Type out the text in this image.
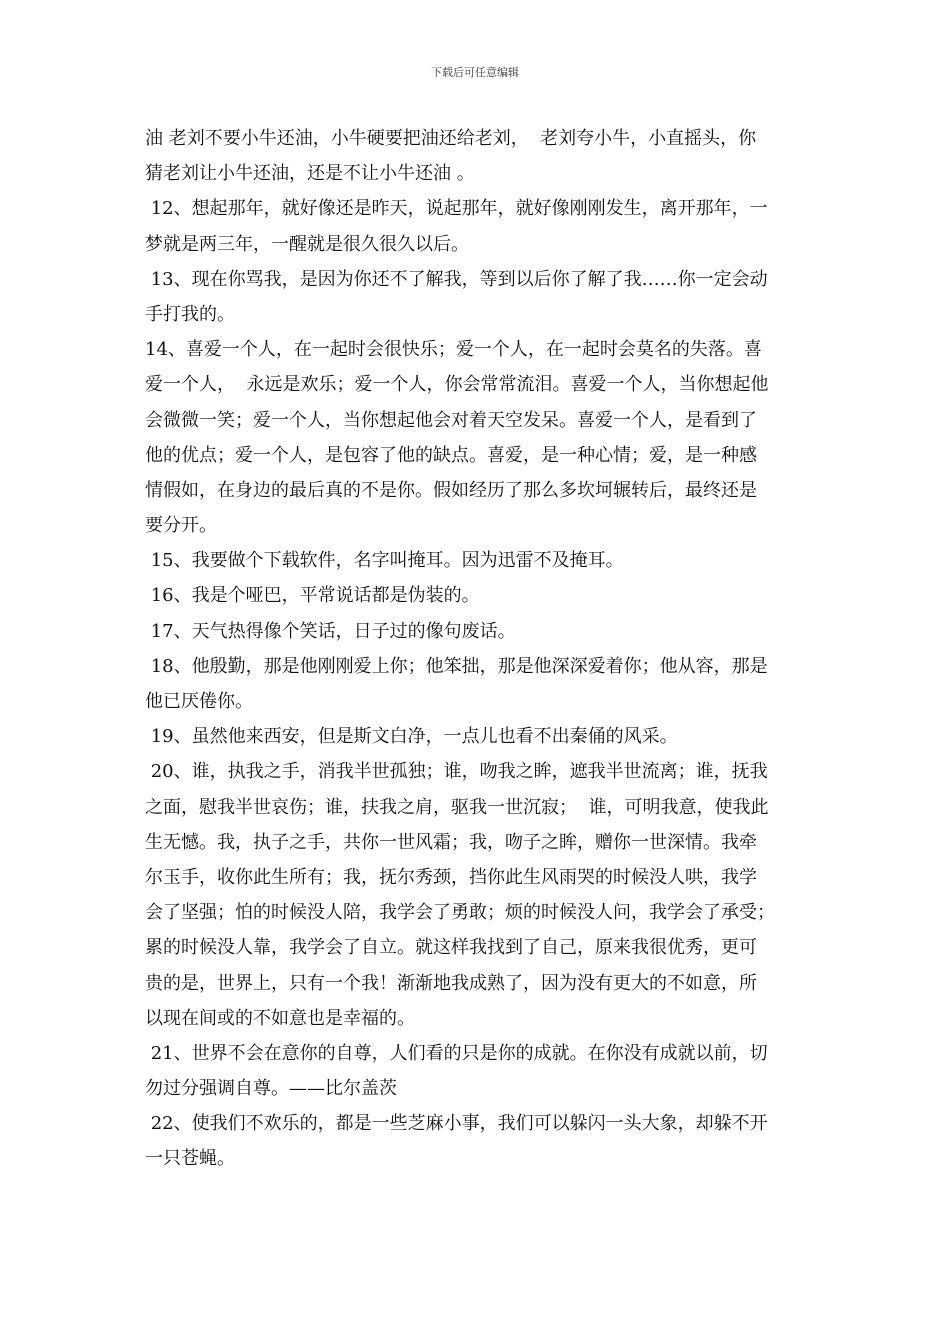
下载后可任意编辑
油 老刘不要小牛还油，小牛硬要把油还给老刘，  老刘夸小牛，小直摇头，你
猜老刘让小牛还油，还是不让小牛还油 。
12、想起那年，就好像还是昨天，说起那年，就好像刚刚发生，离开那年，一
梦就是两三年，一醒就是很久很久以后。
13、现在你骂我，是因为你还不了解我，等到以后你了解了我……你一定会动
手打我的。
14、喜爱一个人，在一起时会很快乐；爱一个人，在一起时会莫名的失落。喜
爱一个人，  永远是欢乐；爱一个人，你会常常流泪。喜爱一个人，当你想起他
会微微一笑；爱一个人，当你想起他会对着天空发呆。喜爱一个人，是看到了
他的优点；爱一个人，是包容了他的缺点。喜爱，是一种心情；爱，是一种感
情假如，在身边的最后真的不是你。假如经历了那么多坎坷辗转后，最终还是
要分开。
15、我要做个下载软件，名字叫掩耳。因为迅雷不及掩耳。
16、我是个哑巴，平常说话都是伪装的。
17、天气热得像个笑话，日子过的像句废话。
18、他殷勤，那是他刚刚爱上你；他笨拙，那是他深深爱着你；他从容，那是
他已厌倦你。
19、虽然他来西安，但是斯文白净，一点儿也看不出秦俑的风采。
20、谁，执我之手，消我半世孤独；谁，吻我之眸，遮我半世流离；谁，抚我
之面，慰我半世哀伤；谁，扶我之肩，驱我一世沉寂；  谁，可明我意，使我此
生无憾。我，执子之手，共你一世风霜；我，吻子之眸，赠你一世深情。我牵
尔玉手，收你此生所有；我，抚尔秀颈，挡你此生风雨哭的时候没人哄，我学
会了坚强；怕的时候没人陪，我学会了勇敢；烦的时候没人问，我学会了承受；
累的时候没人靠，我学会了自立。就这样我找到了自己，原来我很优秀，更可
贵的是，世界上，只有一个我！渐渐地我成熟了，因为没有更大的不如意，所
以现在间或的不如意也是幸福的。
21、世界不会在意你的自尊，人们看的只是你的成就。在你没有成就以前，切
勿过分强调自尊。——比尔盖茨
22、使我们不欢乐的，都是一些芝麻小事，我们可以躲闪一头大象，却躲不开
一只苍蝇。
